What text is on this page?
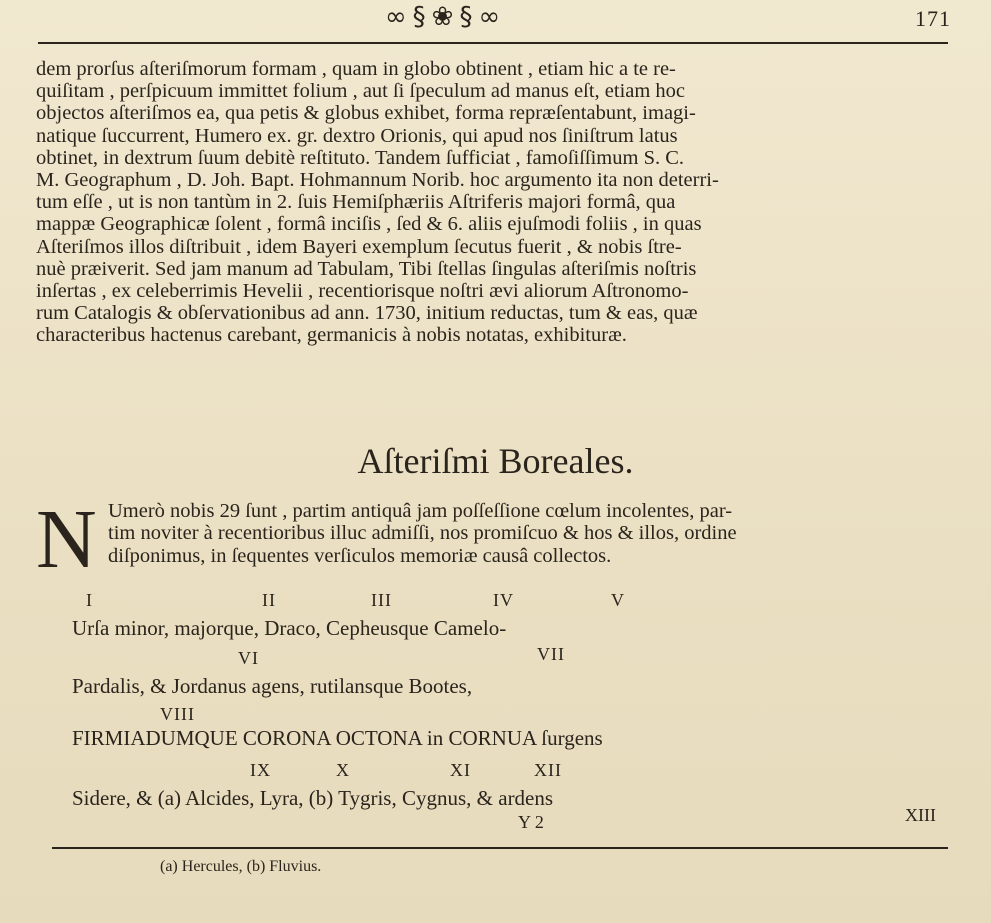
∞§❀§∞	171
dem prorſus aſteriſmorum formam , quam in globo obtinent , etiam hic a te re-
quiſitam , perſpicuum immittet folium , aut ſi ſpeculum ad manus eſt, etiam hoc
objectos aſteriſmos ea, qua petis & globus exhibet, forma repræſentabunt, imagi-
natique ſuccurrent, Humero ex. gr. dextro Orionis, qui apud nos ſiniſtrum latus
obtinet, in dextrum ſuum debitè reſtituto. Tandem ſufficiat , famoſiſſimum S. C.
M. Geographum , D. Joh. Bapt. Hohmannum Norib. hoc argumento ita non deterri-
tum eſſe , ut is non tantùm in 2. ſuis Hemiſphæriis Aſtriferis majori formâ, qua
mappæ Geographicæ ſolent , formâ inciſis , ſed & 6. aliis ejuſmodi foliis , in quas
Aſteriſmos illos diſtribuit , idem Bayeri exemplum ſecutus fuerit , & nobis ſtre-
nuè præiverit. Sed jam manum ad Tabulam, Tibi ſtellas ſingulas aſteriſmis noſtris
inſertas , ex celeberrimis Hevelii , recentiorisque noſtri ævi aliorum Aſtronomo-
rum Catalogis & obſervationibus ad ann. 1730, initium reductas, tum & eas, quæ
characteribus hactenus carebant, germanicis à nobis notatas, exhibituræ.
Aſteriſmi Boreales.
N Umerò nobis 29 ſunt , partim antiquâ jam poſſeſſione cœlum incolentes, par-
tim noviter à recentioribus illuc admiſſi, nos promiſcuo & hos & illos, ordine
diſponimus, in ſequentes verſiculos memoriæ causâ collectos.
I	II	III	IV	V
Urſa minor, majorque, Draco, Cepheusque Camelo-
VI	VII
Pardalis, & Jordanus agens, rutilansque Bootes,
VIII
FIRMIADUMQUE CORONA OCTONA in CORNUA ſurgens
IX	X	XI	XII
Sidere, & (a) Alcides, Lyra, (b) Tygris, Cygnus, & ardens
XIII
Y 2
(a) Hercules, (b) Fluvius.
